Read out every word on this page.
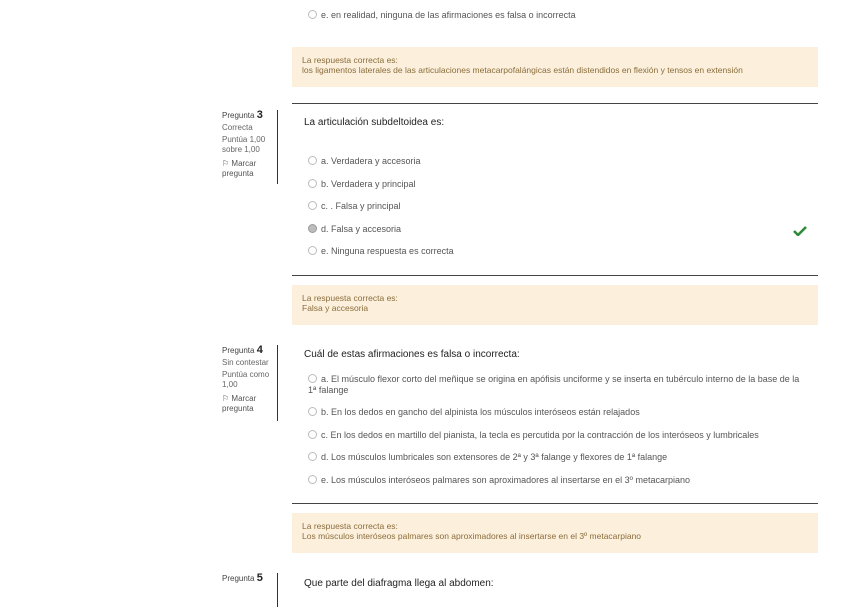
e. en realidad, ninguna de las afirmaciones es falsa o incorrecta
La respuesta correcta es:
los ligamentos laterales de las articulaciones metacarpofalángicas están distendidos en flexión y tensos en extensión
Pregunta 3
Correcta
Puntúa 1,00 sobre 1,00
⚐ Marcar pregunta
La articulación subdeltoidea es:
a. Verdadera y accesoria
b. Verdadera y principal
c. . Falsa y principal
d. Falsa y accesoria
e. Ninguna respuesta es correcta
La respuesta correcta es:
Falsa y accesoria
Pregunta 4
Sin contestar
Puntúa como 1,00
⚐ Marcar pregunta
Cuál de estas afirmaciones es falsa o incorrecta:
a. El músculo flexor corto del meñique se origina en apófisis unciforme y se inserta en tubérculo interno de la base de la 1ª falange
b. En los dedos en gancho del alpinista los músculos interóseos están relajados
c. En los dedos en martillo del pianista, la tecla es percutida por la contracción de los interóseos y lumbricales
d. Los músculos lumbricales son extensores de 2ª y 3ª falange y flexores de 1ª falange
e. Los músculos interóseos palmares son aproximadores al insertarse en el 3º metacarpiano
La respuesta correcta es:
Los músculos interóseos palmares son aproximadores al insertarse en el 3º metacarpiano
Pregunta 5	Que parte del diafragma llega al abdomen:
